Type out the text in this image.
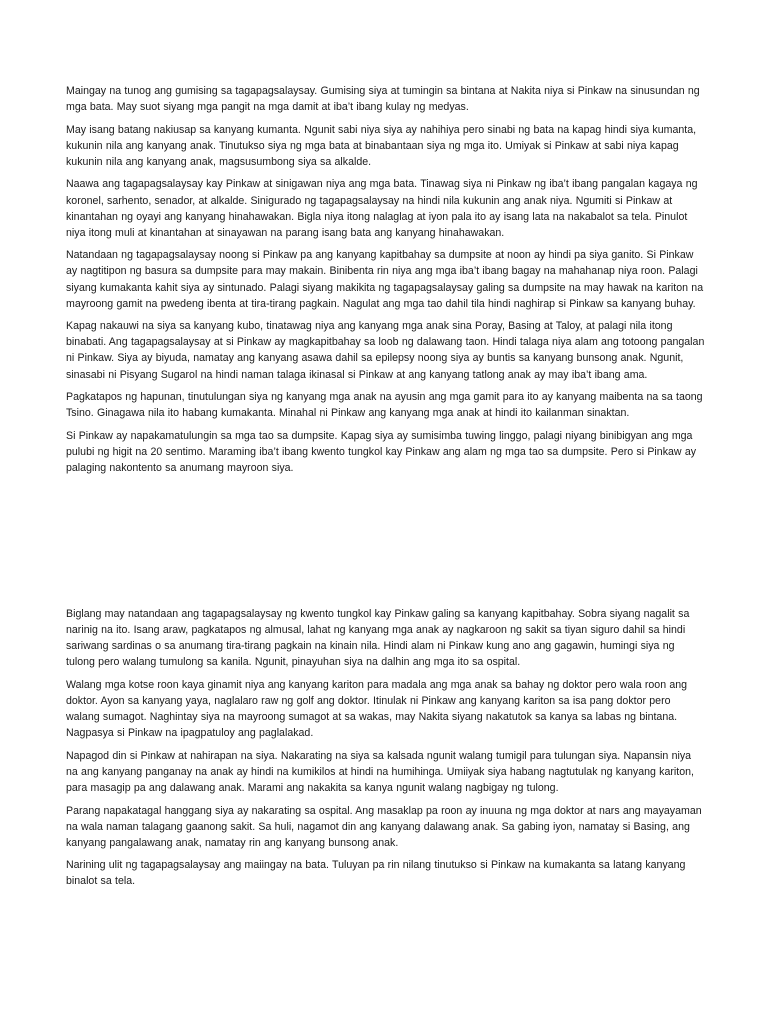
Maingay na tunog ang gumising sa tagapagsalaysay. Gumising siya at tumingin sa bintana at Nakita niya si Pinkaw na sinusundan ng mga bata. May suot siyang mga pangit na mga damit at iba’t ibang kulay ng medyas.

May isang batang nakiusap sa kanyang kumanta. Ngunit sabi niya siya ay nahihiya pero sinabi ng bata na kapag hindi siya kumanta, kukunin nila ang kanyang anak. Tinutukso siya ng mga bata at binabantaan siya ng mga ito. Umiyak si Pinkaw at sabi niya kapag kukunin nila ang kanyang anak, magsusumbong siya sa alkalde.

Naawa ang tagapagsalaysay kay Pinkaw at sinigawan niya ang mga bata. Tinawag siya ni Pinkaw ng iba’t ibang pangalan kagaya ng koronel, sarhento, senador, at alkalde. Sinigurado ng tagapagsalaysay na hindi nila kukunin ang anak niya. Ngumiti si Pinkaw at kinantahan ng oyayi ang kanyang hinahawakan. Bigla niya itong nalaglag at iyon pala ito ay isang lata na nakabalot sa tela. Pinulot niya itong muli at kinantahan at sinayawan na parang isang bata ang kanyang hinahawakan.

Natandaan ng tagapagsalaysay noong si Pinkaw pa ang kanyang kapitbahay sa dumpsite at noon ay hindi pa siya ganito. Si Pinkaw ay nagtitipon ng basura sa dumpsite para may makain. Binibenta rin niya ang mga iba’t ibang bagay na mahahanap niya roon. Palagi siyang kumakanta kahit siya ay sintunado. Palagi siyang makikita ng tagapagsalaysay galing sa dumpsite na may hawak na kariton na mayroong gamit na pwedeng ibenta at tira-tirang pagkain. Nagulat ang mga tao dahil tila hindi naghirap si Pinkaw sa kanyang buhay.

Kapag nakauwi na siya sa kanyang kubo, tinatawag niya ang kanyang mga anak sina Poray, Basing at Taloy, at palagi nila itong binabati. Ang tagapagsalaysay at si Pinkaw ay magkapitbahay sa loob ng dalawang taon. Hindi talaga niya alam ang totoong pangalan ni Pinkaw. Siya ay biyuda, namatay ang kanyang asawa dahil sa epilepsy noong siya ay buntis sa kanyang bunsong anak. Ngunit, sinasabi ni Pisyang Sugarol na hindi naman talaga ikinasal si Pinkaw at ang kanyang tatlong anak ay may iba’t ibang ama.

Pagkatapos ng hapunan, tinutulungan siya ng kanyang mga anak na ayusin ang mga gamit para ito ay kanyang maibenta na sa taong Tsino. Ginagawa nila ito habang kumakanta. Minahal ni Pinkaw ang kanyang mga anak at hindi ito kailanman sinaktan.

Si Pinkaw ay napakamatulungin sa mga tao sa dumpsite. Kapag siya ay sumisimba tuwing linggo, palagi niyang binibigyan ang mga pulubi ng higit na 20 sentimo. Maraming iba’t ibang kwento tungkol kay Pinkaw ang alam ng mga tao sa dumpsite. Pero si Pinkaw ay palaging nakontento sa anumang mayroon siya.

Biglang may natandaan ang tagapagsalaysay ng kwento tungkol kay Pinkaw galing sa kanyang kapitbahay. Sobra siyang nagalit sa narinig na ito. Isang araw, pagkatapos ng almusal, lahat ng kanyang mga anak ay nagkaroon ng sakit sa tiyan siguro dahil sa hindi sariwang sardinas o sa anumang tira-tirang pagkain na kinain nila. Hindi alam ni Pinkaw kung ano ang gagawin, humingi siya ng tulong pero walang tumulong sa kanila. Ngunit, pinayuhan siya na dalhin ang mga ito sa ospital.

Walang mga kotse roon kaya ginamit niya ang kanyang kariton para madala ang mga anak sa bahay ng doktor pero wala roon ang doktor. Ayon sa kanyang yaya, naglalaro raw ng golf ang doktor. Itinulak ni Pinkaw ang kanyang kariton sa isa pang doktor pero walang sumagot. Naghintay siya na mayroong sumagot at sa wakas, may Nakita siyang nakatutok sa kanya sa labas ng bintana. Nagpasya si Pinkaw na ipagpatuloy ang paglalakad.

Napagod din si Pinkaw at nahirapan na siya. Nakarating na siya sa kalsada ngunit walang tumigil para tulungan siya. Napansin niya na ang kanyang panganay na anak ay hindi na kumikilos at hindi na humihinga. Umiiyak siya habang nagtutulak ng kanyang kariton, para masagip pa ang dalawang anak. Marami ang nakakita sa kanya ngunit walang nagbigay ng tulong.

Parang napakatagal hanggang siya ay nakarating sa ospital. Ang masaklap pa roon ay inuuna ng mga doktor at nars ang mayayaman na wala naman talagang gaanong sakit. Sa huli, nagamot din ang kanyang dalawang anak. Sa gabing iyon, namatay si Basing, ang kanyang pangalawang anak, namatay rin ang kanyang bunsong anak.

Narining ulit ng tagapagsalaysay ang maiingay na bata. Tuluyan pa rin nilang tinutukso si Pinkaw na kumakanta sa latang kanyang binalot sa tela.
